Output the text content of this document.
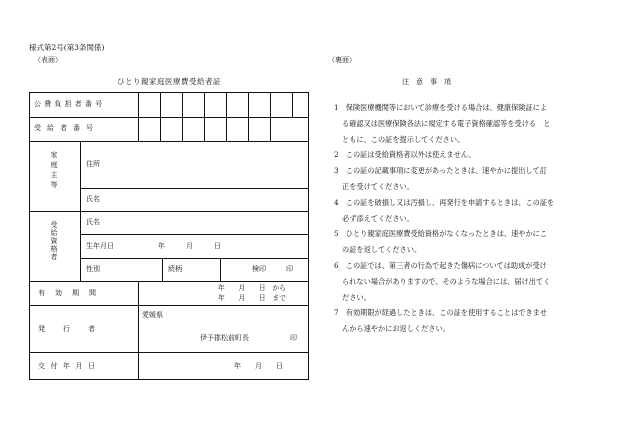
様式第2号(第3条関係)
（表面）	（裏面）
ひとり親家庭医療費受給者証
公費負担者番号
受給者番号
家庭主等	住所
氏名
受給資格者	氏名
生年月日	年　　　月　　　日
性別	続柄	検印	印
有効期間
年　　月　　日　から
年　　月　　日　まで
発行者
愛媛県
伊予郡松前町長	印
交付年月日	年　　月　　日
注　意　事　項
1　保険医療機関等において診療を受ける場合は、健康保険証によ
る確認又は医療保険各法に規定する電子資格確認等を受ける　と
ともに、この証を提示してください。
2　この証は受給資格者以外は使えません。
3　この証の記載事項に変更があったときは、速やかに提出して訂
正を受けてください。
4　この証を破損し又は汚損し、再発行を申請するときは、この証を
必ず添えてください。
5　ひとり親家庭医療費受給資格がなくなったときは、速やかにこ
の証を返してください。
6　この証では、第三者の行為で起きた傷病については助成が受け
られない場合がありますので、そのような場合には、届け出てく
ださい。
7　有効期限が経過したときは、この証を使用することはできませ
んから速やかにお返しください。
